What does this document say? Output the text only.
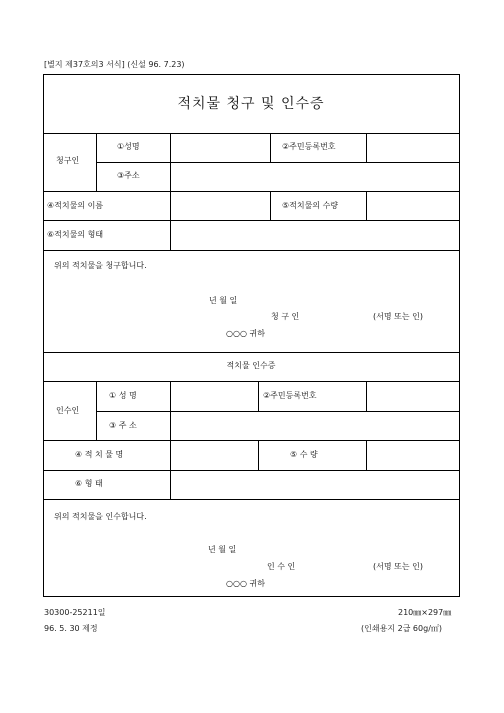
[별지 제37호의3 서식] (신설 96. 7.23)
적치물 청구 및 인수증
청구인
①성명	②주민등록번호
③주소
④적치물의 이름	⑤적치물의 수량
⑥적치물의 형태
위의 적치물을 청구합니다.
년 월 일
청 구 인	(서명 또는 인)
○○○ 귀하
적치물 인수증
인수인
① 성 명	②주민등록번호
③ 주 소
④ 적 치 물 명	⑤ 수 량
⑥ 형 태
위의 적치물을 인수합니다.
년 월 일
인 수 인	(서명 또는 인)
○○○ 귀하
30300-25211일	210㎜×297㎜
96. 5. 30 제정	(인쇄용지 2급 60g/㎡)
